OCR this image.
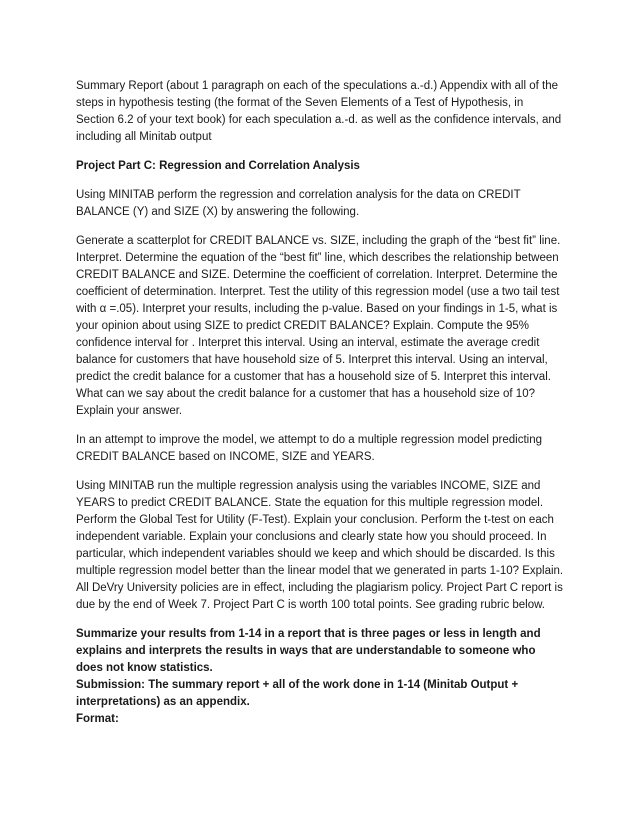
Summary Report (about 1 paragraph on each of the speculations a.-d.) Appendix with all of the steps in hypothesis testing (the format of the Seven Elements of a Test of Hypothesis, in Section 6.2 of your text book) for each speculation a.-d. as well as the confidence intervals, and including all Minitab output

Project Part C: Regression and Correlation Analysis

Using MINITAB perform the regression and correlation analysis for the data on CREDIT BALANCE (Y) and SIZE (X) by answering the following.

Generate a scatterplot for CREDIT BALANCE vs. SIZE, including the graph of the “best fit” line. Interpret. Determine the equation of the “best fit” line, which describes the relationship between CREDIT BALANCE and SIZE. Determine the coefficient of correlation. Interpret. Determine the coefficient of determination. Interpret. Test the utility of this regression model (use a two tail test with α =.05). Interpret your results, including the p-value. Based on your findings in 1-5, what is your opinion about using SIZE to predict CREDIT BALANCE? Explain. Compute the 95% confidence interval for . Interpret this interval. Using an interval, estimate the average credit balance for customers that have household size of 5. Interpret this interval. Using an interval, predict the credit balance for a customer that has a household size of 5. Interpret this interval. What can we say about the credit balance for a customer that has a household size of 10? Explain your answer.

In an attempt to improve the model, we attempt to do a multiple regression model predicting CREDIT BALANCE based on INCOME, SIZE and YEARS.

Using MINITAB run the multiple regression analysis using the variables INCOME, SIZE and YEARS to predict CREDIT BALANCE. State the equation for this multiple regression model. Perform the Global Test for Utility (F-Test). Explain your conclusion. Perform the t-test on each independent variable. Explain your conclusions and clearly state how you should proceed. In particular, which independent variables should we keep and which should be discarded. Is this multiple regression model better than the linear model that we generated in parts 1-10? Explain. All DeVry University policies are in effect, including the plagiarism policy. Project Part C report is due by the end of Week 7. Project Part C is worth 100 total points. See grading rubric below.

Summarize your results from 1-14 in a report that is three pages or less in length and explains and interprets the results in ways that are understandable to someone who does not know statistics.

Submission: The summary report + all of the work done in 1-14 (Minitab Output + interpretations) as an appendix.

Format:
